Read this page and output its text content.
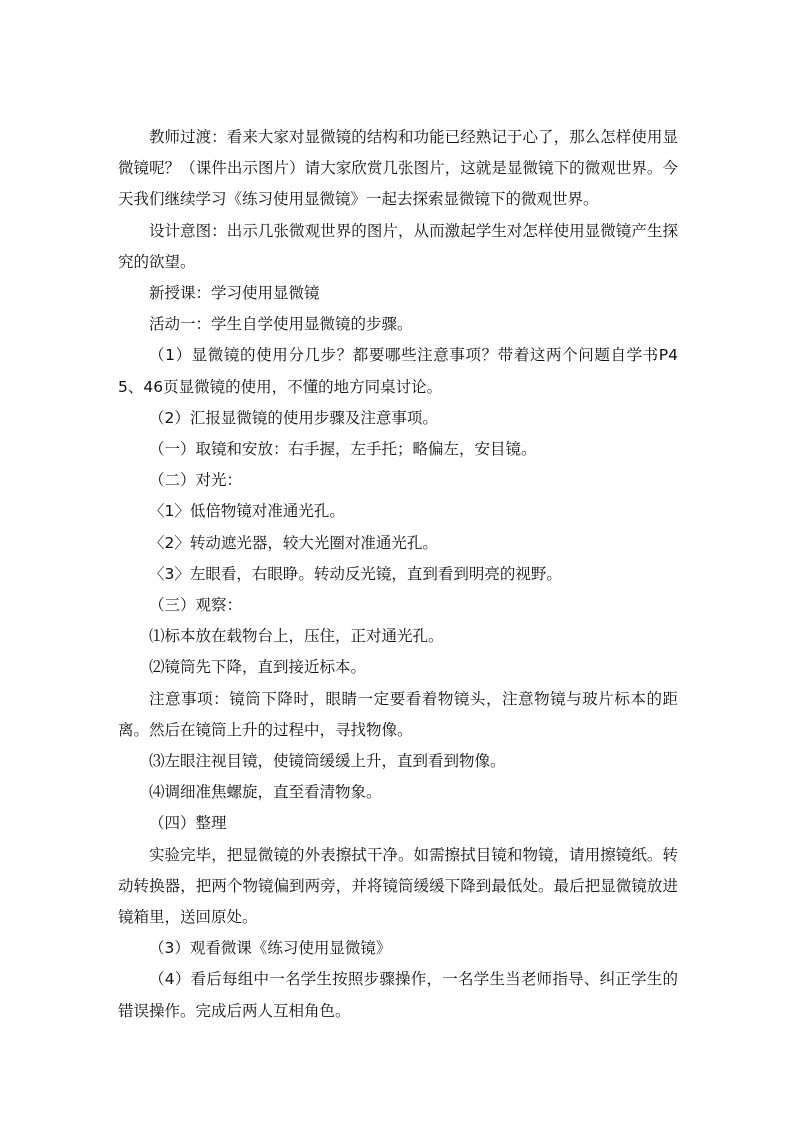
教师过渡：看来大家对显微镜的结构和功能已经熟记于心了，那么怎样使用显微镜呢？（课件出示图片）请大家欣赏几张图片，这就是显微镜下的微观世界。今天我们继续学习《练习使用显微镜》一起去探索显微镜下的微观世界。

设计意图：出示几张微观世界的图片，从而激起学生对怎样使用显微镜产生探究的欲望。

新授课：学习使用显微镜

活动一：学生自学使用显微镜的步骤。

（1）显微镜的使用分几步？都要哪些注意事项？带着这两个问题自学书P45、46页显微镜的使用，不懂的地方同桌讨论。

（2）汇报显微镜的使用步骤及注意事项。

（一）取镜和安放：右手握，左手托；略偏左，安目镜。

（二）对光：

〈1〉低倍物镜对准通光孔。

〈2〉转动遮光器，较大光圈对准通光孔。

〈3〉左眼看，右眼睁。转动反光镜，直到看到明亮的视野。

（三）观察：

⑴标本放在载物台上，压住，正对通光孔。

⑵镜筒先下降，直到接近标本。

注意事项：镜筒下降时，眼睛一定要看着物镜头，注意物镜与玻片标本的距离。然后在镜筒上升的过程中，寻找物像。

⑶左眼注视目镜，使镜筒缓缓上升，直到看到物像。

⑷调细准焦螺旋，直至看清物象。

（四）整理

实验完毕，把显微镜的外表擦拭干净。如需擦拭目镜和物镜，请用擦镜纸。转动转换器，把两个物镜偏到两旁，并将镜筒缓缓下降到最低处。最后把显微镜放进镜箱里，送回原处。

（3）观看微课《练习使用显微镜》

（4）看后每组中一名学生按照步骤操作，一名学生当老师指导、纠正学生的错误操作。完成后两人互相角色。
